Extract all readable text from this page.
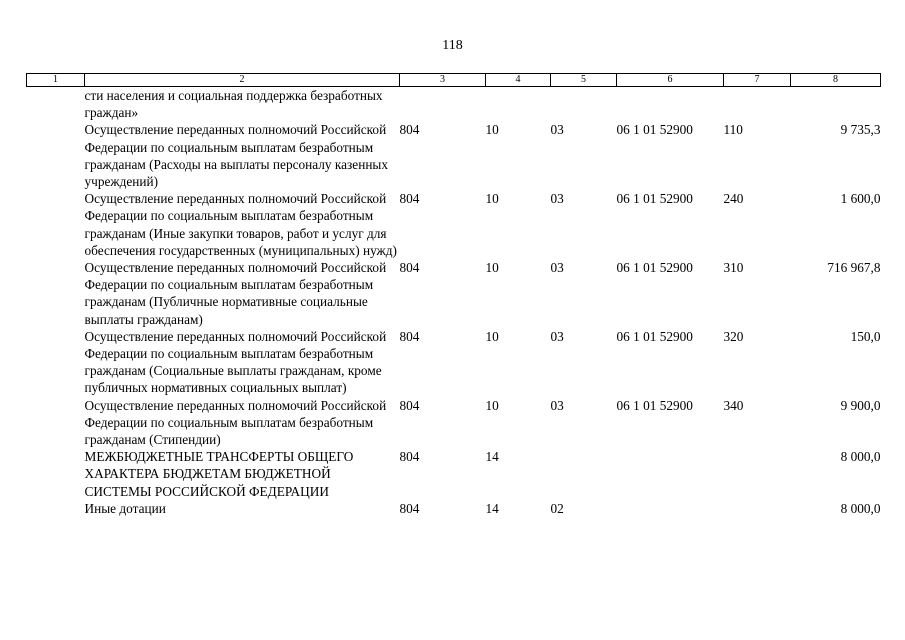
118
1	2	3	4	5	6	7	8
	сти населения и социальная поддержка безработных граждан»						
	Осуществление переданных полномочий Российской Федерации по социальным выплатам безработным гражданам (Расходы на выплаты персоналу казенных учреждений)	804	10	03	06 1 01 52900	110	9 735,3
	Осуществление переданных полномочий Российской Федерации по социальным выплатам безработным гражданам (Иные закупки товаров, работ и услуг для обеспечения государственных (муниципальных) нужд)	804	10	03	06 1 01 52900	240	1 600,0
	Осуществление переданных полномочий Российской Федерации по социальным выплатам безработным гражданам (Публичные нормативные социальные выплаты гражданам)	804	10	03	06 1 01 52900	310	716 967,8
	Осуществление переданных полномочий Российской Федерации по социальным выплатам безработным гражданам (Социальные выплаты гражданам, кроме публичных нормативных социальных выплат)	804	10	03	06 1 01 52900	320	150,0
	Осуществление переданных полномочий Российской Федерации по социальным выплатам безработным гражданам (Стипендии)	804	10	03	06 1 01 52900	340	9 900,0
	МЕЖБЮДЖЕТНЫЕ ТРАНСФЕРТЫ ОБЩЕГО ХАРАКТЕРА БЮДЖЕТАМ БЮДЖЕТНОЙ СИСТЕМЫ РОССИЙСКОЙ ФЕДЕРАЦИИ	804	14				8 000,0
	Иные дотации	804	14	02			8 000,0
